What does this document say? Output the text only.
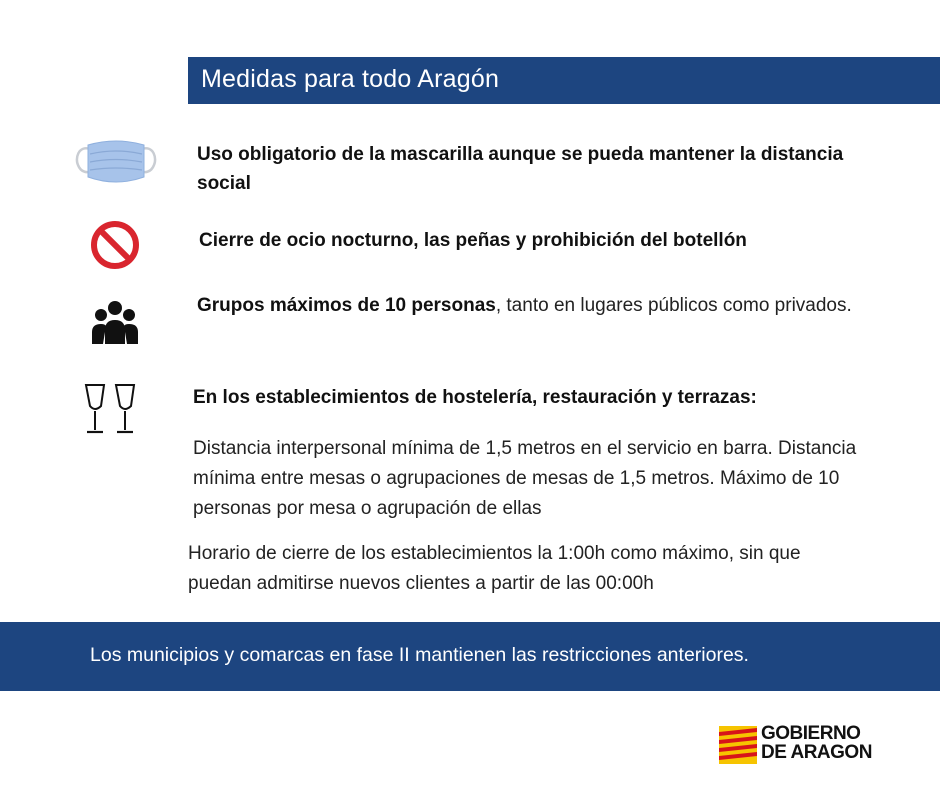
Medidas para todo Aragón
Uso obligatorio de la mascarilla aunque se pueda mantener la distancia social
Cierre de ocio nocturno, las peñas y prohibición del botellón
Grupos máximos de 10 personas, tanto en lugares públicos como privados.
En los establecimientos de hostelería, restauración y terrazas:
Distancia interpersonal mínima de 1,5 metros en el servicio en barra. Distancia mínima entre mesas o agrupaciones de mesas de 1,5 metros. Máximo de 10 personas por mesa o agrupación de ellas
Horario de cierre de los establecimientos la 1:00h como máximo, sin que puedan admitirse nuevos clientes a partir de las 00:00h
Los municipios y comarcas en fase II mantienen las restricciones anteriores.
GOBIERNO
DE ARAGON
